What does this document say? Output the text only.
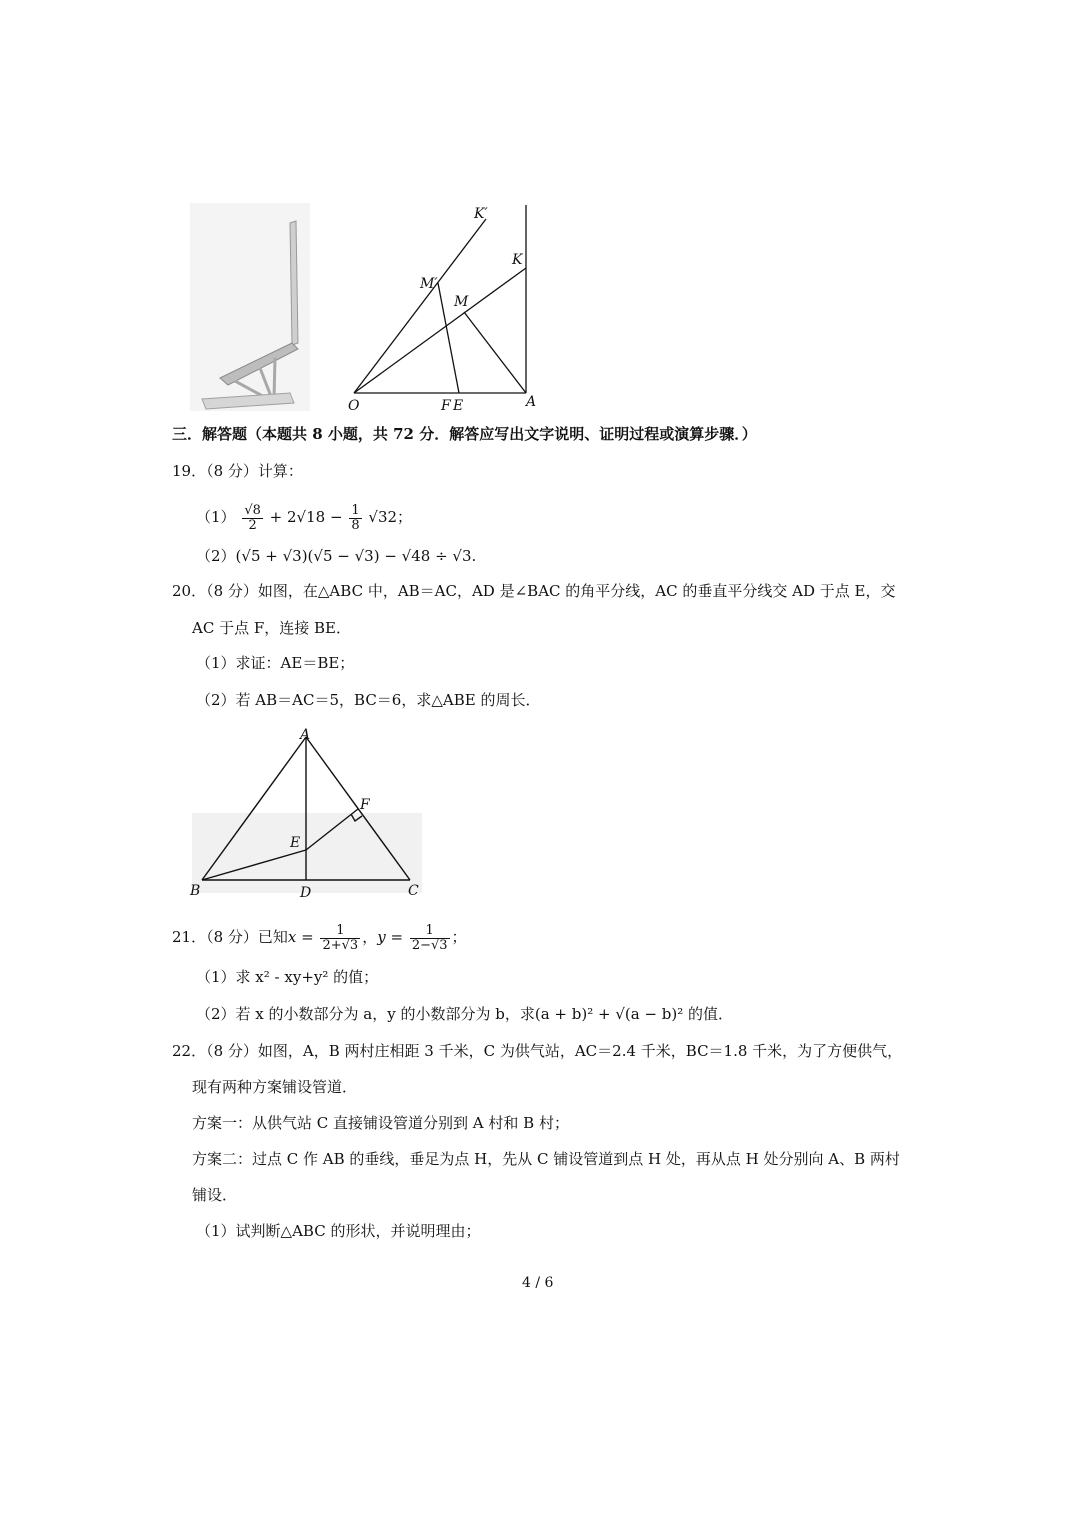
K′
K
M′
M
O	F E	A
三．解答题（本题共 8 小题，共 72 分．解答应写出文字说明、证明过程或演算步骤．）
19．（8 分）计算：
$(1) \frac{√8}{2} + 2√18 - \frac{1}{8} √32$；
（2）(√5 + √3)(√5 − √3) − √48 ÷ √3.
20．（8 分）如图，在△ABC 中，AB＝AC，AD 是∠BAC 的角平分线，AC 的垂直平分线交 AD 于点 E，交
AC 于点 F，连接 BE．
（1）求证：AE＝BE；
（2）若 AB＝AC＝5，BC＝6，求△ABE 的周长．
A
B	C
D
E
F
21．（8 分）已知$x = \frac{1}{2+√3}$ ，$y = \frac{1}{2-√3}$ ；
（1）求 x² - xy+y² 的值；
（2）若 x 的小数部分为 a，y 的小数部分为 b，求(a + b)² + √(a − b)² 的值．
22．（8 分）如图，A，B 两村庄相距 3 千米，C 为供气站，AC＝2.4 千米，BC＝1.8 千米，为了方便供气，
现有两种方案铺设管道．
方案一：从供气站 C 直接铺设管道分别到 A 村和 B 村；
方案二：过点 C 作 AB 的垂线，垂足为点 H，先从 C 铺设管道到点 H 处，再从点 H 处分别向 A、B 两村
铺设．
（1）试判断△ABC 的形状，并说明理由；
4 / 6
